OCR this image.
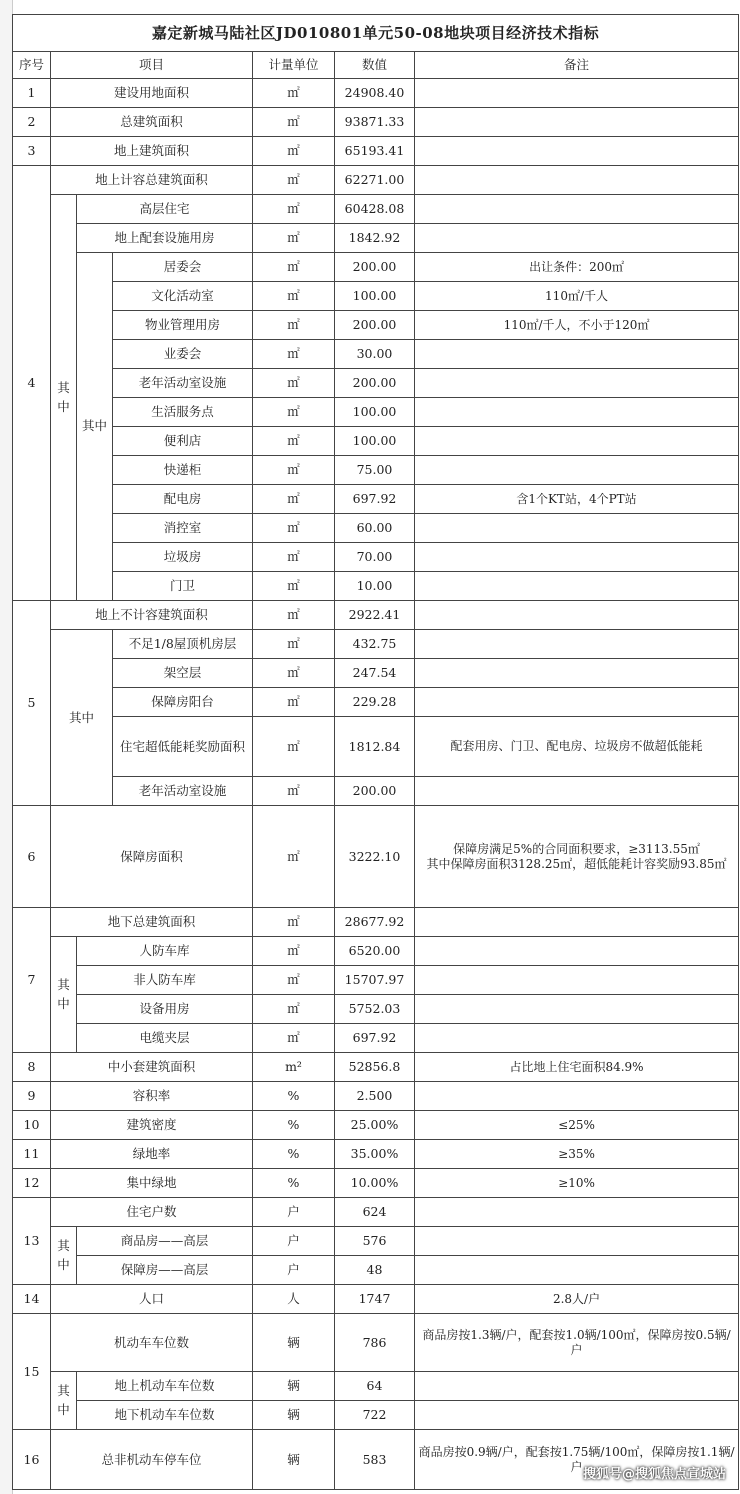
嘉定新城马陆社区JD010801单元50-08地块项目经济技术指标						
序号	项目			计量单位	数值	备注
1	建设用地面积			㎡	24908.40	
2	总建筑面积			㎡	93871.33	
3	地上建筑面积			㎡	65193.41	
4	地上计容总建筑面积			㎡	62271.00	
	其中	高层住宅		㎡	60428.08	
		地上配套设施用房		㎡	1842.92	
		其中	居委会	㎡	200.00	出让条件：200㎡
			文化活动室	㎡	100.00	110㎡/千人
			物业管理用房	㎡	200.00	110㎡/千人，不小于120㎡
			业委会	㎡	30.00	
			老年活动室设施	㎡	200.00	
			生活服务点	㎡	100.00	
			便利店	㎡	100.00	
			快递柜	㎡	75.00	
			配电房	㎡	697.92	含1个KT站，4个PT站
			消控室	㎡	60.00	
			垃圾房	㎡	70.00	
			门卫	㎡	10.00	
5	地上不计容建筑面积			㎡	2922.41	
	其中		不足1/8屋顶机房层	㎡	432.75	
			架空层	㎡	247.54	
			保障房阳台	㎡	229.28	
			住宅超低能耗奖励面积	㎡	1812.84	配套用房、门卫、配电房、垃圾房不做超低能耗
			老年活动室设施	㎡	200.00	
6	保障房面积			㎡	3222.10	保障房满足5%的合同面积要求，≥3113.55㎡
其中保障房面积3128.25㎡，超低能耗计容奖励93.85㎡

7	地下总建筑面积			㎡	28677.92	
	其中	人防车库		㎡	6520.00	
		非人防车库		㎡	15707.97	
		设备用房		㎡	5752.03	
		电缆夹层		㎡	697.92	
8	中小套建筑面积			m²	52856.8	占比地上住宅面积84.9%
9	容积率			%	2.500	
10	建筑密度			%	25.00%	≤25%
11	绿地率			%	35.00%	≥35%
12	集中绿地			%	10.00%	≥10%
13	住宅户数			户	624	
	其中	商品房——高层		户	576	
		保障房——高层		户	48	
14	人口			人	1747	2.8人/户
15	机动车车位数			辆	786	商品房按1.3辆/户，配套按1.0辆/100㎡，保障房按0.5辆/户
	其中	地上机动车车位数		辆	64	
		地下机动车车位数		辆	722	
16	总非机动车停车位			辆	583	商品房按0.9辆/户，配套按1.75辆/100㎡，保障房按1.1辆/户
搜狐号@搜狐焦点宣城站
